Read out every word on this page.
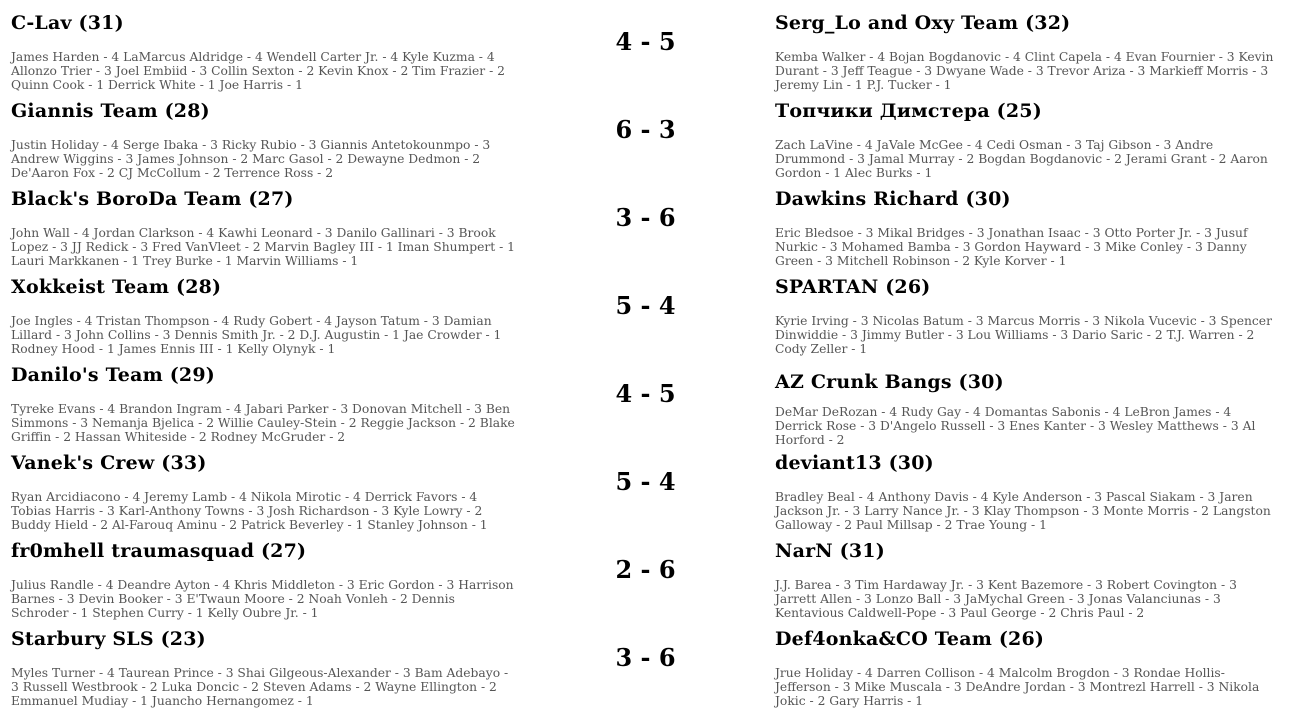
C-Lav (31)
James Harden - 4 LaMarcus Aldridge - 4 Wendell Carter Jr. - 4 Kyle Kuzma - 4 Allonzo Trier - 3 Joel Embiid - 3 Collin Sexton - 2 Kevin Knox - 2 Tim Frazier - 2 Quinn Cook - 1 Derrick White - 1 Joe Harris - 1
4 - 5
Serg_Lo and Oxy Team (32)
Kemba Walker - 4 Bojan Bogdanovic - 4 Clint Capela - 4 Evan Fournier - 3 Kevin Durant - 3 Jeff Teague - 3 Dwyane Wade - 3 Trevor Ariza - 3 Markieff Morris - 3 Jeremy Lin - 1 P.J. Tucker - 1
Giannis Team (28)
Justin Holiday - 4 Serge Ibaka - 3 Ricky Rubio - 3 Giannis Antetokounmpo - 3 Andrew Wiggins - 3 James Johnson - 2 Marc Gasol - 2 Dewayne Dedmon - 2 De'Aaron Fox - 2 CJ McCollum - 2 Terrence Ross - 2
6 - 3
Топчики Димстера (25)
Zach LaVine - 4 JaVale McGee - 4 Cedi Osman - 3 Taj Gibson - 3 Andre Drummond - 3 Jamal Murray - 2 Bogdan Bogdanovic - 2 Jerami Grant - 2 Aaron Gordon - 1 Alec Burks - 1
Black's BoroDa Team (27)
John Wall - 4 Jordan Clarkson - 4 Kawhi Leonard - 3 Danilo Gallinari - 3 Brook Lopez - 3 JJ Redick - 3 Fred VanVleet - 2 Marvin Bagley III - 1 Iman Shumpert - 1 Lauri Markkanen - 1 Trey Burke - 1 Marvin Williams - 1
3 - 6
Dawkins Richard (30)
Eric Bledsoe - 3 Mikal Bridges - 3 Jonathan Isaac - 3 Otto Porter Jr. - 3 Jusuf Nurkic - 3 Mohamed Bamba - 3 Gordon Hayward - 3 Mike Conley - 3 Danny Green - 3 Mitchell Robinson - 2 Kyle Korver - 1
Xokkeist Team (28)
Joe Ingles - 4 Tristan Thompson - 4 Rudy Gobert - 4 Jayson Tatum - 3 Damian Lillard - 3 John Collins - 3 Dennis Smith Jr. - 2 D.J. Augustin - 1 Jae Crowder - 1 Rodney Hood - 1 James Ennis III - 1 Kelly Olynyk - 1
5 - 4
SPARTAN (26)
Kyrie Irving - 3 Nicolas Batum - 3 Marcus Morris - 3 Nikola Vucevic - 3 Spencer Dinwiddie - 3 Jimmy Butler - 3 Lou Williams - 3 Dario Saric - 2 T.J. Warren - 2 Cody Zeller - 1
Danilo's Team (29)
Tyreke Evans - 4 Brandon Ingram - 4 Jabari Parker - 3 Donovan Mitchell - 3 Ben Simmons - 3 Nemanja Bjelica - 2 Willie Cauley-Stein - 2 Reggie Jackson - 2 Blake Griffin - 2 Hassan Whiteside - 2 Rodney McGruder - 2
4 - 5	AZ Crunk Bangs (30)
DeMar DeRozan - 4 Rudy Gay - 4 Domantas Sabonis - 4 LeBron James - 4 Derrick Rose - 3 D'Angelo Russell - 3 Enes Kanter - 3 Wesley Matthews - 3 Al Horford - 2
Vanek's Crew (33)
Ryan Arcidiacono - 4 Jeremy Lamb - 4 Nikola Mirotic - 4 Derrick Favors - 4 Tobias Harris - 3 Karl-Anthony Towns - 3 Josh Richardson - 3 Kyle Lowry - 2 Buddy Hield - 2 Al-Farouq Aminu - 2 Patrick Beverley - 1 Stanley Johnson - 1
5 - 4
deviant13 (30)
Bradley Beal - 4 Anthony Davis - 4 Kyle Anderson - 3 Pascal Siakam - 3 Jaren Jackson Jr. - 3 Larry Nance Jr. - 3 Klay Thompson - 3 Monte Morris - 2 Langston Galloway - 2 Paul Millsap - 2 Trae Young - 1
fr0mhell traumasquad (27)
Julius Randle - 4 Deandre Ayton - 4 Khris Middleton - 3 Eric Gordon - 3 Harrison Barnes - 3 Devin Booker - 3 E'Twaun Moore - 2 Noah Vonleh - 2 Dennis Schroder - 1 Stephen Curry - 1 Kelly Oubre Jr. - 1
2 - 6
NarN (31)
J.J. Barea - 3 Tim Hardaway Jr. - 3 Kent Bazemore - 3 Robert Covington - 3 Jarrett Allen - 3 Lonzo Ball - 3 JaMychal Green - 3 Jonas Valanciunas - 3 Kentavious Caldwell-Pope - 3 Paul George - 2 Chris Paul - 2
Starbury SLS (23)
Myles Turner - 4 Taurean Prince - 3 Shai Gilgeous-Alexander - 3 Bam Adebayo - 3 Russell Westbrook - 2 Luka Doncic - 2 Steven Adams - 2 Wayne Ellington - 2 Emmanuel Mudiay - 1 Juancho Hernangomez - 1
3 - 6
Def4onka&CO Team (26)
Jrue Holiday - 4 Darren Collison - 4 Malcolm Brogdon - 3 Rondae Hollis-Jefferson - 3 Mike Muscala - 3 DeAndre Jordan - 3 Montrezl Harrell - 3 Nikola Jokic - 2 Gary Harris - 1
